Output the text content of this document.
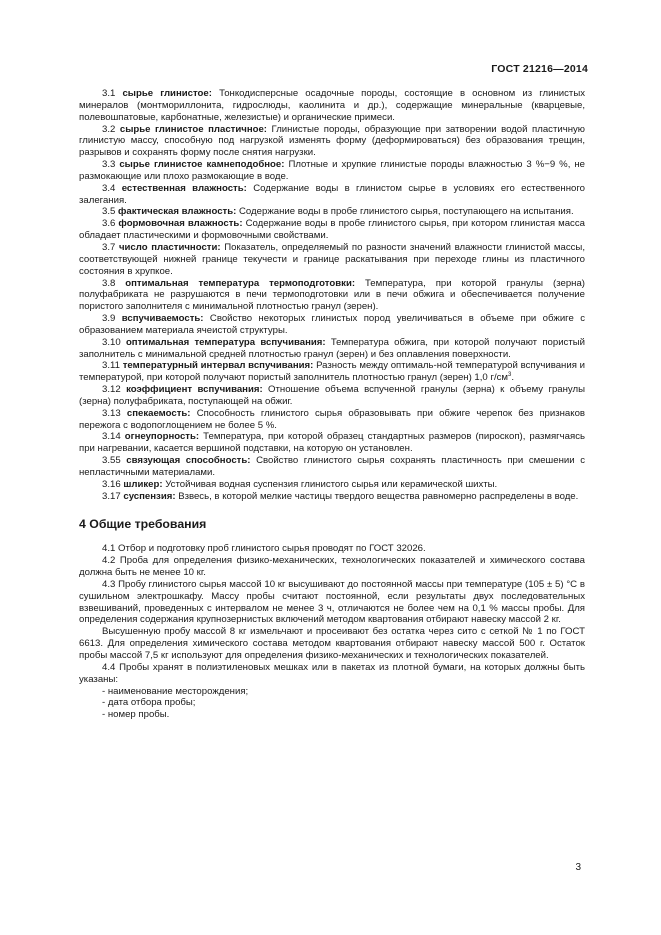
ГОСТ 21216—2014

3.1 сырье глинистое: Тонкодисперсные осадочные породы, состоящие в основном из глинистых минералов (монтмориллонита, гидрослюды, каолинита и др.), содержащие минеральные (кварцевые, полевошпатовые, карбонатные, железистые) и органические примеси.

3.2 сырье глинистое пластичное: Глинистые породы, образующие при затворении водой пластичную глинистую массу, способную под нагрузкой изменять форму (деформироваться) без образования трещин, разрывов и сохранять форму после снятия нагрузки.

3.3 сырье глинистое камнеподобное: Плотные и хрупкие глинистые породы влажностью 3 %−9 %, не размокающие или плохо размокающие в воде.

3.4 естественная влажность: Содержание воды в глинистом сырье в условиях его естественного залегания.

3.5 фактическая влажность: Содержание воды в пробе глинистого сырья, поступающего на испытания.

3.6 формовочная влажность: Содержание воды в пробе глинистого сырья, при котором глинистая масса обладает пластическими и формовочными свойствами.

3.7 число пластичности: Показатель, определяемый по разности значений влажности глинистой массы, соответствующей нижней границе текучести и границе раскатывания при переходе глины из пластичного состояния в хрупкое.

3.8 оптимальная температура термоподготовки: Температура, при которой гранулы (зерна) полуфабриката не разрушаются в печи термоподготовки или в печи обжига и обеспечивается получение пористого заполнителя с минимальной плотностью гранул (зерен).

3.9 вспучиваемость: Свойство некоторых глинистых пород увеличиваться в объеме при обжиге с образованием материала ячеистой структуры.

3.10 оптимальная температура вспучивания: Температура обжига, при которой получают пористый заполнитель с минимальной средней плотностью гранул (зерен) и без оплавления поверхности.

3.11 температурный интервал вспучивания: Разность между оптималь-ной температурой вспучивания и температурой, при которой получают пористый заполнитель плотностью гранул (зерен) 1,0 $г/см^3$.

3.12 коэффициент вспучивания: Отношение объема вспученной гранулы (зерна) к объему гранулы (зерна) полуфабриката, поступающей на обжиг.

3.13 спекаемость: Способность глинистого сырья образовывать при обжиге черепок без признаков пережога с водопоглощением не более 5 %.

3.14 огнеупорность: Температура, при которой образец стандартных размеров (пироскоп), размягчаясь при нагревании, касается вершиной подставки, на которую он установлен.

3.55 связующая способность: Свойство глинистого сырья сохранять пластичность при смешении с непластичными материалами.

3.16 шликер: Устойчивая водная суспензия глинистого сырья или керамической шихты.

3.17 суспензия: Взвесь, в которой мелкие частицы твердого вещества равномерно распределены в воде.

4 Общие требования

4.1 Отбор и подготовку проб глинистого сырья проводят по ГОСТ 32026.

4.2 Проба для определения физико-механических, технологических показателей и химического состава должна быть не менее 10 кг.

4.3 Пробу глинистого сырья массой 10 кг высушивают до постоянной массы при температуре (105 ± 5) °С в сушильном электрошкафу. Массу пробы считают постоянной, если результаты двух последовательных взвешиваний, проведенных с интервалом не менее 3 ч, отличаются не более чем на 0,1 % массы пробы. Для определения содержания крупнозернистых включений методом квартования отбирают навеску массой 2 кг.

Высушенную пробу массой 8 кг измельчают и просеивают без остатка через сито с сеткой № 1 по ГОСТ 6613. Для определения химического состава методом квартования отбирают навеску массой 500 г. Остаток пробы массой 7,5 кг используют для определения физико-механических и технологических показателей.

4.4 Пробы хранят в полиэтиленовых мешках или в пакетах из плотной бумаги, на которых должны быть указаны:

- наименование месторождения;

- дата отбора пробы;

- номер пробы.

3
